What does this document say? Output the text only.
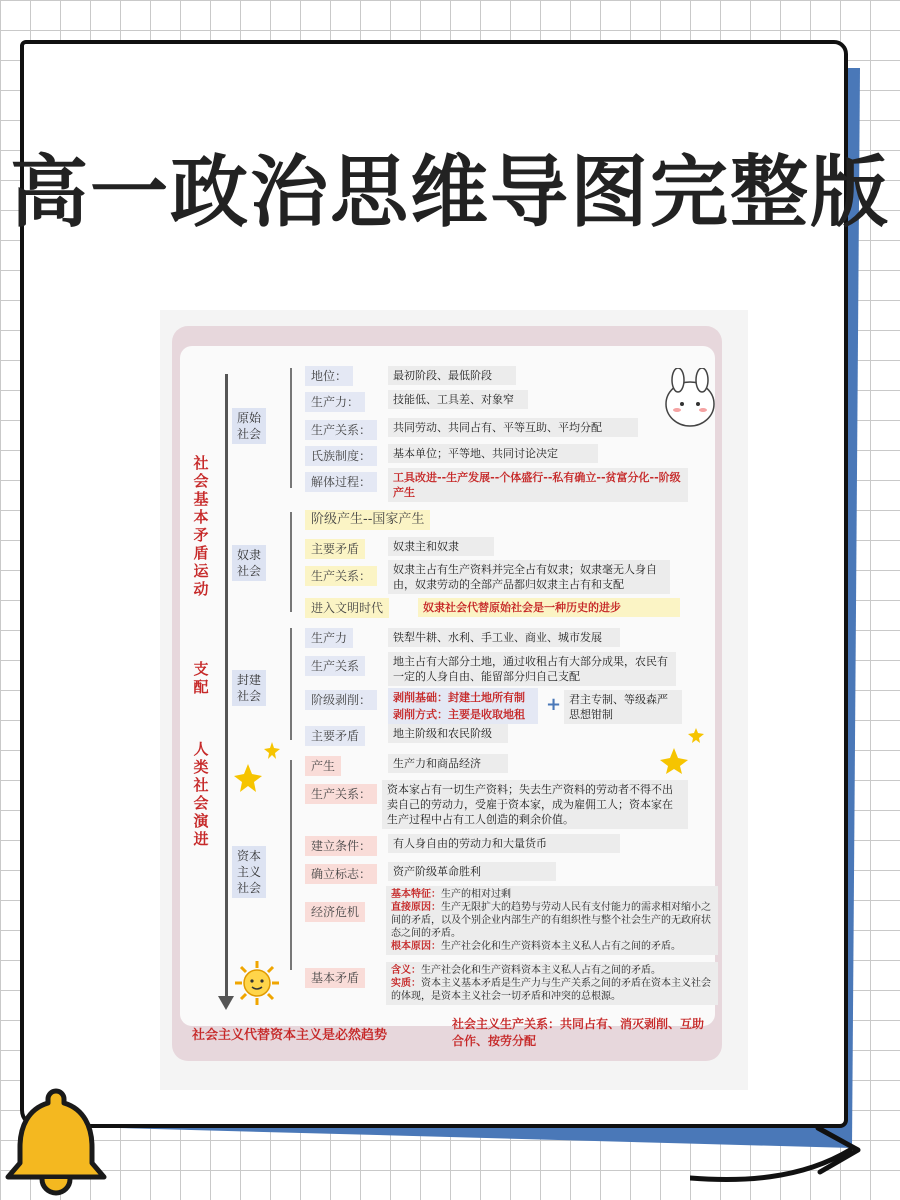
高一政治思维导图完整版
社会基本矛盾运动
支配
人类社会演进
原始社会
地位：	最初阶段、最低阶段
生产力：	技能低、工具差、对象窄
生产关系：	共同劳动、共同占有、平等互助、平均分配
氏族制度：	基本单位；平等地、共同讨论决定
解体过程：	工具改进--生产发展--个体盛行--私有确立--贫富分化--阶级产生
奴隶社会
阶级产生--国家产生
主要矛盾	奴隶主和奴隶
生产关系：	奴隶主占有生产资料并完全占有奴隶；奴隶毫无人身自由，奴隶劳动的全部产品都归奴隶主占有和支配
进入文明时代	奴隶社会代替原始社会是一种历史的进步
封建社会
生产力	铁犁牛耕、水利、手工业、商业、城市发展
生产关系	地主占有大部分土地，通过收租占有大部分成果，农民有一定的人身自由、能留部分归自己支配
阶级剥削：	剥削基础：封建土地所有制
剥削方式：主要是收取地租	+ 君主专制、等级森严思想钳制
主要矛盾	地主阶级和农民阶级
资本主义社会
产生	生产力和商品经济
生产关系：	资本家占有一切生产资料；失去生产资料的劳动者不得不出卖自己的劳动力，受雇于资本家，成为雇佣工人；资本家在生产过程中占有工人创造的剩余价值。
建立条件：	有人身自由的劳动力和大量货币
确立标志：	资产阶级革命胜利
经济危机
基本特征：生产的相对过剩
直接原因：生产无限扩大的趋势与劳动人民有支付能力的需求相对缩小之间的矛盾，以及个别企业内部生产的有组织性与整个社会生产的无政府状态之间的矛盾。
根本原因：生产社会化和生产资料资本主义私人占有之间的矛盾。
基本矛盾
含义：生产社会化和生产资料资本主义私人占有之间的矛盾。
实质：资本主义基本矛盾是生产力与生产关系之间的矛盾在资本主义社会的体现，是资本主义社会一切矛盾和冲突的总根源。
社会主义代替资本主义是必然趋势
社会主义生产关系：共同占有、消灭剥削、互助合作、按劳分配
